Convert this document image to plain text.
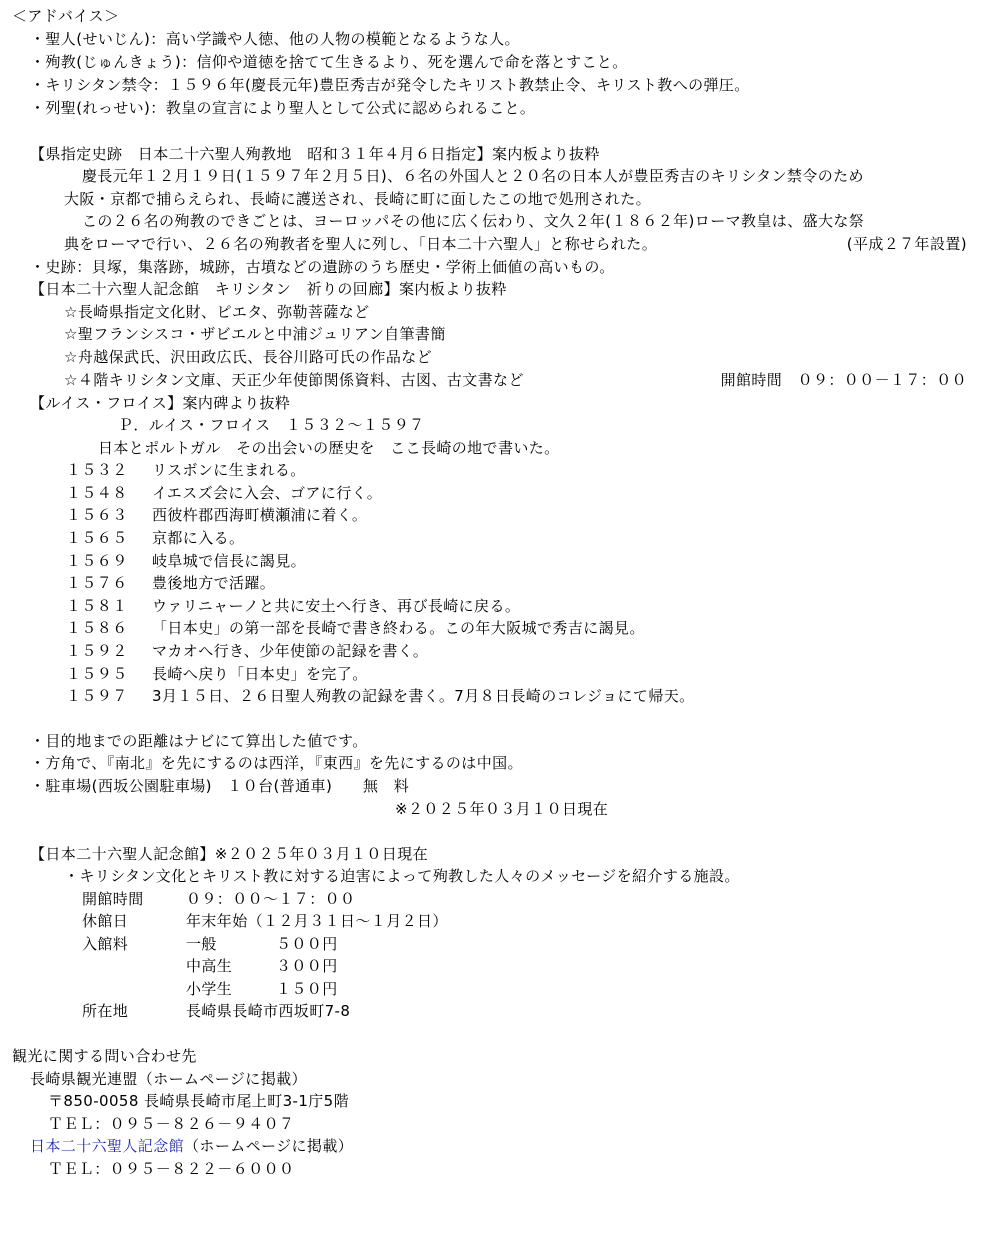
＜アドバイス＞
・聖人(せいじん)：高い学識や人徳、他の人物の模範となるような人。
・殉教(じゅんきょう)：信仰や道徳を捨てて生きるより、死を選んで命を落とすこと。
・キリシタン禁令：１５９６年(慶長元年)豊臣秀吉が発令したキリスト教禁止令、キリスト教への弾圧。
・列聖(れっせい)：教皇の宣言により聖人として公式に認められること。
【県指定史跡　日本二十六聖人殉教地　昭和３１年４月６日指定】案内板より抜粋
慶長元年１２月１９日(１５９７年２月５日)、６名の外国人と２０名の日本人が豊臣秀吉のキリシタン禁令のため
大阪・京都で捕らえられ、長崎に護送され、長崎に町に面したこの地で処刑された。
この２６名の殉教のできごとは、ヨーロッパその他に広く伝わり、文久２年(１８６２年)ローマ教皇は、盛大な祭
典をローマで行い、２６名の殉教者を聖人に列し、「日本二十六聖人」と称せられた。	(平成２７年設置)
・史跡：貝塚，集落跡，城跡，古墳などの遺跡のうち歴史・学術上価値の高いもの。
【日本二十六聖人記念館　キリシタン　祈りの回廊】案内板より抜粋
☆長崎県指定文化財、ピエタ、弥勒菩薩など
☆聖フランシスコ・ザビエルと中浦ジュリアン自筆書簡
☆舟越保武氏、沢田政広氏、長谷川路可氏の作品など
☆４階キリシタン文庫、天正少年使節関係資料、古図、古文書など	開館時間　０９：００－１７：００
【ルイス・フロイス】案内碑より抜粋
Ｐ．ルイス・フロイス　１５３２～１５９７
日本とポルトガル　その出会いの歴史を　ここ長崎の地で書いた。
１５３２ リスボンに生まれる。
１５４８ イエスズ会に入会、ゴアに行く。
１５６３ 西彼杵郡西海町横瀬浦に着く。
１５６５ 京都に入る。
１５６９ 岐阜城で信長に謁見。
１５７６ 豊後地方で活躍。
１５８１ ウァリニャーノと共に安土へ行き、再び長崎に戻る。
１５８６ 「日本史」の第一部を長崎で書き終わる。この年大阪城で秀吉に謁見。
１５９２ マカオへ行き、少年使節の記録を書く。
１５９５ 長崎へ戻り「日本史」を完了。
１５９７ 3月１５日、２６日聖人殉教の記録を書く。7月８日長崎のコレジョにて帰天。
・目的地までの距離はナビにて算出した値です。
・方角で、『南北』を先にするのは西洋，『東西』を先にするのは中国。
・駐車場(西坂公園駐車場)　１０台(普通車)　　無　料
※２０２５年０３月１０日現在
【日本二十六聖人記念館】※２０２５年０３月１０日現在
・キリシタン文化とキリスト教に対する迫害によって殉教した人々のメッセージを紹介する施設。
開館時間	０９：００～１７：００
休館日	年末年始（１２月３１日～１月２日）
入館料	一般	５００円
中高生	３００円
小学生	１５０円
所在地	長崎県長崎市西坂町7-8
観光に関する問い合わせ先
長崎県観光連盟（ホームページに掲載）
〒850-0058 長崎県長崎市尾上町3-1庁5階
ＴＥＬ：０９５－８２６－９４０７
日本二十六聖人記念館（ホームページに掲載）
ＴＥＬ：０９５－８２２－６０００
